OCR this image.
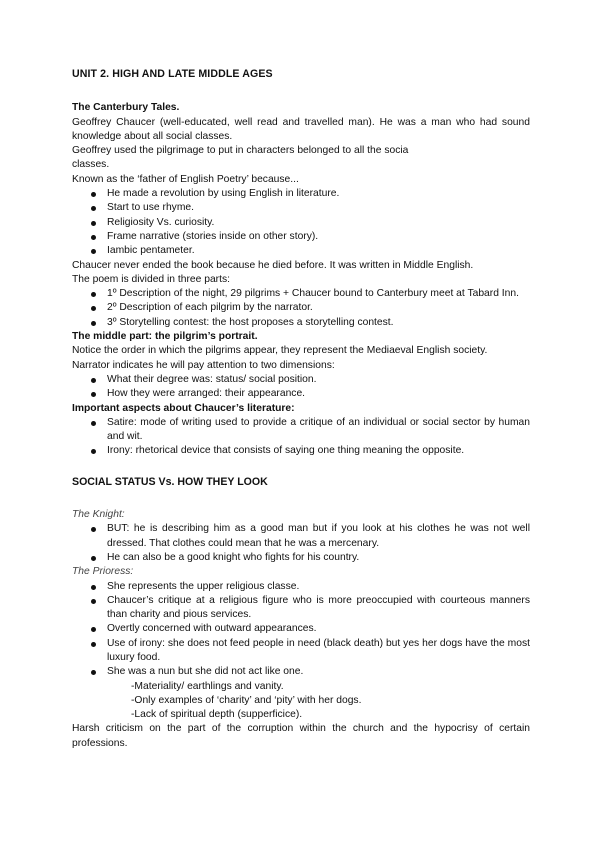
UNIT 2. HIGH AND LATE MIDDLE AGES
The Canterbury Tales.

Geoffrey Chaucer (well-educated, well read and travelled man). He was a man who had sound knowledge about all social classes.

Geoffrey used the pilgrimage to put in characters belonged to all the socia

classes.

Known as the ‘father of English Poetry’ because...

He made a revolution by using English in literature.
Start to use rhyme.
Religiosity Vs. curiosity.
Frame narrative (stories inside on other story).
Iambic pentameter.

Chaucer never ended the book because he died before. It was written in Middle English.

The poem is divided in three parts:

1º Description of the night, 29 pilgrims + Chaucer bound to Canterbury meet at Tabard Inn.
2º Description of each pilgrim by the narrator.
3º Storytelling contest: the host proposes a storytelling contest.
The middle part: the pilgrim’s portrait.

Notice the order in which the pilgrims appear, they represent the Mediaeval English society.

Narrator indicates he will pay attention to two dimensions:

What their degree was: status/ social position.
How they were arranged: their appearance.
Important aspects about Chaucer’s literature:
Satire: mode of writing used to provide a critique of an individual or social sector by human and wit.
Irony: rhetorical device that consists of saying one thing meaning the opposite.
SOCIAL STATUS Vs. HOW THEY LOOK

The Knight:

BUT: he is describing him as a good man but if you look at his clothes he was not well dressed. That clothes could mean that he was a mercenary.
He can also be a good knight who fights for his country.

The Prioress:

She represents the upper religious classe.
Chaucer’s critique at a religious figure who is more preoccupied with courteous manners than charity and pious services.
Overtly concerned with outward appearances.
Use of irony: she does not feed people in need (black death) but yes her dogs have the most luxury food.
She was a nun but she did not act like one.

-Materiality/ earthlings and vanity.

-Only examples of ‘charity’ and ‘pity’ with her dogs.

-Lack of spiritual depth (supperficice).

Harsh criticism on the part of the corruption within the church and the hypocrisy of certain professions.
